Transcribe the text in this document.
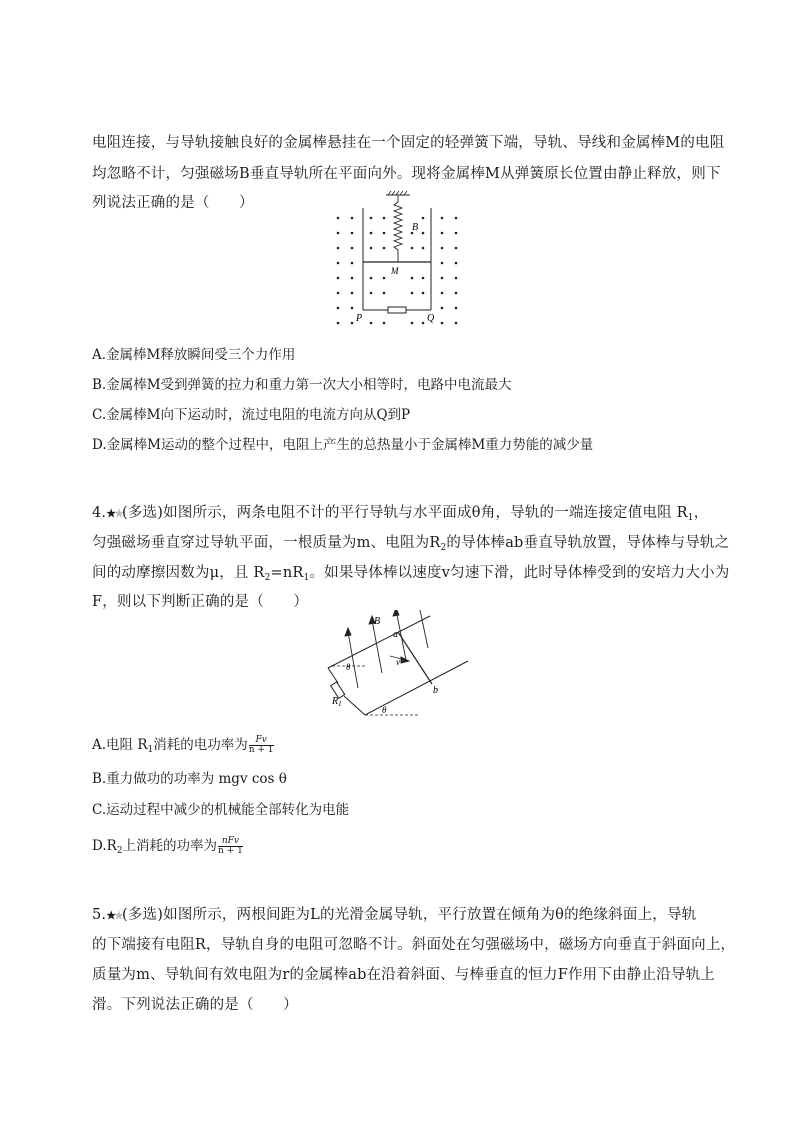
电阻连接，与导轨接触良好的金属棒悬挂在一个固定的轻弹簧下端，导轨、导线和金属棒M的电阻
均忽略不计，匀强磁场B垂直导轨所在平面向外。现将金属棒M从弹簧原长位置由静止释放，则下
列说法正确的是（　　）
B
M
P	Q
A.金属棒M释放瞬间受三个力作用
B.金属棒M受到弹簧的拉力和重力第一次大小相等时，电路中电流最大
C.金属棒M向下运动时，流过电阻的电流方向从Q到P
D.金属棒M运动的整个过程中，电阻上产生的总热量小于金属棒M重力势能的减少量
4.★★(多选)如图所示，两条电阻不计的平行导轨与水平面成θ角，导轨的一端连接定值电阻 $R_1$，
匀强磁场垂直穿过导轨平面，一根质量为m、电阻为$R_2$的导体棒ab垂直导轨放置，导体棒与导轨之
间的动摩擦因数为μ，且 $R_2=nR_1$。如果导体棒以速度v匀速下滑，此时导体棒受到的安培力大小为
F，则以下判断正确的是（　　）
B
a
b
v
θ
θ
$R_1$
A.电阻 $R_1$消耗的电功率为 $\frac{Fv}{n + 1}$
B.重力做功的功率为 mgv cos θ
C.运动过程中减少的机械能全部转化为电能
$D.R_2$上消耗的功率为 $\frac{\text{nFv}}{n + 1}$
5.★★(多选)如图所示，两根间距为L的光滑金属导轨，平行放置在倾角为θ的绝缘斜面上，导轨
的下端接有电阻R，导轨自身的电阻可忽略不计。斜面处在匀强磁场中，磁场方向垂直于斜面向上，
质量为m、导轨间有效电阻为r的金属棒ab在沿着斜面、与棒垂直的恒力F作用下由静止沿导轨上
滑。下列说法正确的是（　　）
